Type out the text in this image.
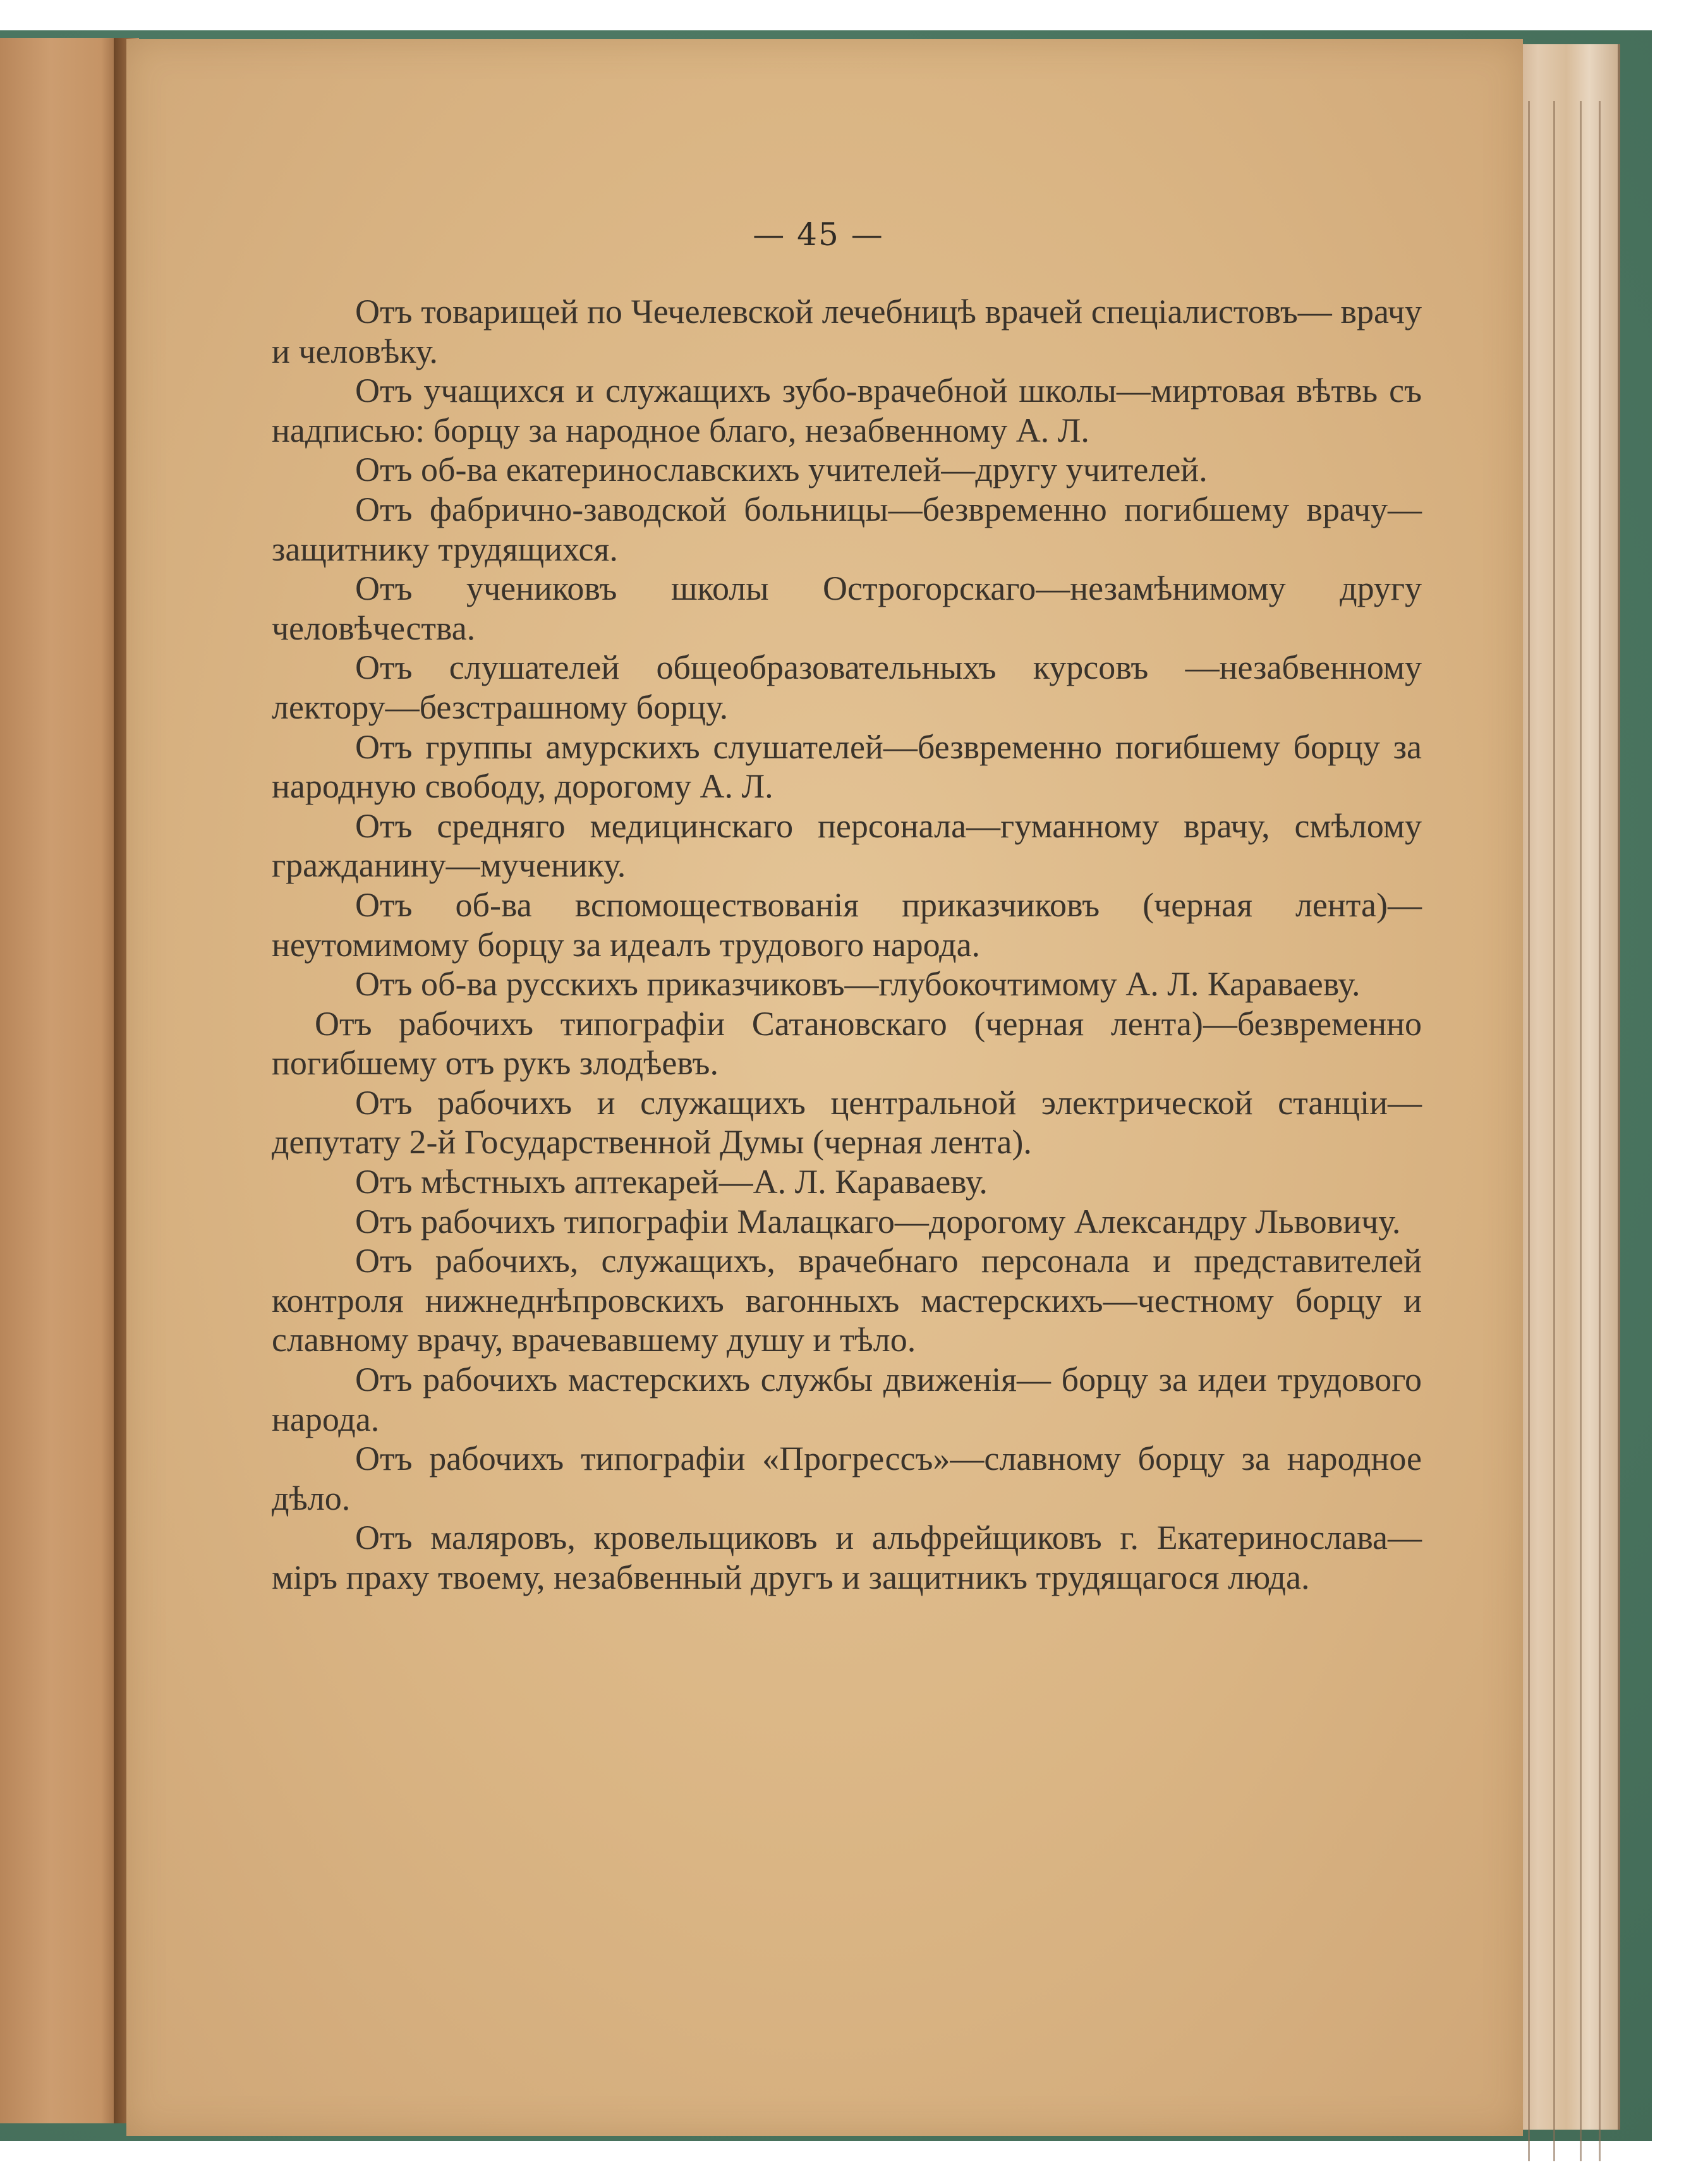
— 45 —

Отъ товарищей по Чечелевской лечебницѣ врачей спеціалистовъ— врачу и человѣку.

Отъ учащихся и служащихъ зубо-врачебной школы—миртовая вѣтвь съ надписью: борцу за народное благо, незабвенному А. Л.

Отъ об-ва екатеринославскихъ учителей—другу учителей.

Отъ фабрично-заводской больницы—безвременно погибшему врачу—защитнику трудящихся.

Отъ учениковъ школы Острогорскаго—незамѣнимому другу человѣчества.

Отъ слушателей общеобразовательныхъ курсовъ —незабвенному лектору—безстрашному борцу.

Отъ группы амурскихъ слушателей—безвременно погибшему борцу за народную свободу, дорогому А. Л.

Отъ средняго медицинскаго персонала—гуманному врачу, смѣлому гражданину—мученику.

Отъ об-ва вспомоществованія приказчиковъ (черная лента)—неутомимому борцу за идеалъ трудового народа.

Отъ об-ва русскихъ приказчиковъ—глубокочтимому А. Л. Караваеву.

Отъ рабочихъ типографіи Сатановскаго (черная лента)—безвременно погибшему отъ рукъ злодѣевъ.

Отъ рабочихъ и служащихъ центральной электрической станціи—депутату 2-й Государственной Думы (черная лента).

Отъ мѣстныхъ аптекарей—А. Л. Караваеву.

Отъ рабочихъ типографіи Малацкаго—дорогому Александру Львовичу.

Отъ рабочихъ, служащихъ, врачебнаго персонала и представителей контроля нижнеднѣпровскихъ вагонныхъ мастерскихъ—честному борцу и славному врачу, врачевавшему душу и тѣло.

Отъ рабочихъ мастерскихъ службы движенія— борцу за идеи трудового народа.

Отъ рабочихъ типографіи «Прогрессъ»—славному борцу за народное дѣло.

Отъ маляровъ, кровельщиковъ и альфрейщиковъ г. Екатеринослава—міръ праху твоему, незабвенный другъ и защитникъ трудящагося люда.
